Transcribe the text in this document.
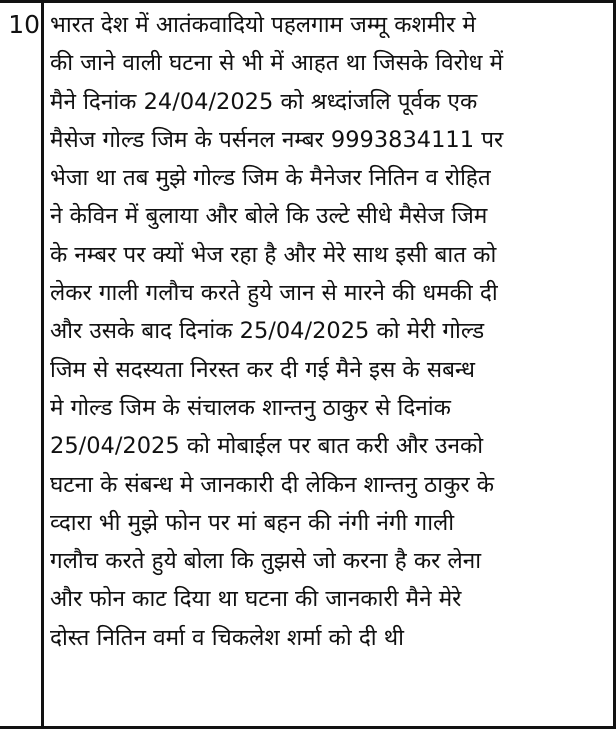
10 भारत देश में आतंकवादियो पहलगाम जम्मू कशमीर मे
की जाने वाली घटना से भी में आहत था जिसके विरोध में
मैने दिनांक 24/04/2025 को श्रध्दांजलि पूर्वक एक
मैसेज गोल्ड जिम के पर्सनल नम्बर 9993834111 पर
भेजा था तब मुझे गोल्ड जिम के मैनेजर नितिन व रोहित
ने केविन में बुलाया और बोले कि उल्टे सीधे मैसेज जिम
के नम्बर पर क्यों भेज रहा है और मेरे साथ इसी बात को
लेकर गाली गलौच करते हुये जान से मारने की धमकी दी
और उसके बाद दिनांक 25/04/2025 को मेरी गोल्ड
जिम से सदस्यता निरस्त कर दी गई मैने इस के सबन्ध
मे गोल्ड जिम के संचालक शान्तनु ठाकुर से दिनांक
25/04/2025 को मोबाईल पर बात करी और उनको
घटना के संबन्ध मे जानकारी दी लेकिन शान्तनु ठाकुर के
व्दारा भी मुझे फोन पर मां बहन की नंगी नंगी गाली
गलौच करते हुये बोला कि तुझसे जो करना है कर लेना
और फोन काट दिया था घटना की जानकारी मैने मेरे
दोस्त नितिन वर्मा व चिकलेश शर्मा को दी थी
